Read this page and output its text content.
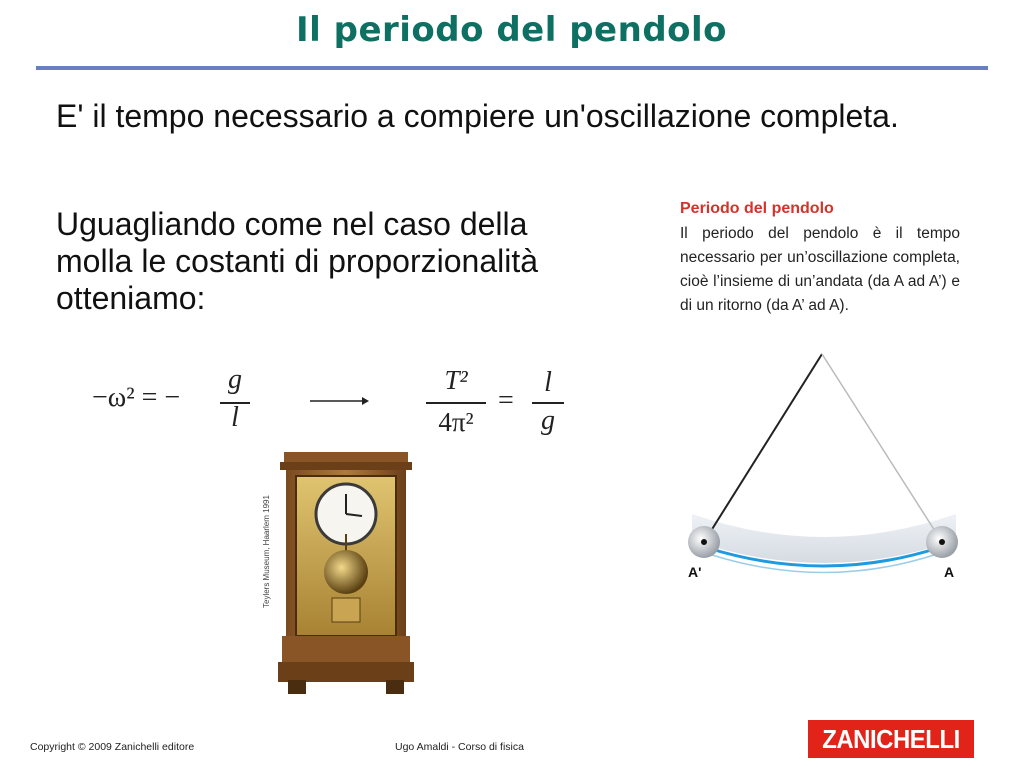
Il periodo del pendolo
E' il tempo necessario a compiere un'oscillazione completa.
Uguagliando come nel caso della molla le costanti di proporzionalità otteniamo:
−ω² = −
g
l
T²
4π²
=
l
g
Teylers Museum, Haarlem 1991

Periodo del pendolo

Il periodo del pendolo è il tempo necessario per un’oscillazione completa, cioè l’insieme di un’andata (da A ad A’) e di un ritorno (da A’ ad A).

A'	A
Copyright © 2009 Zanichelli editore	Ugo Amaldi - Corso di fisica	ZANICHELLI
